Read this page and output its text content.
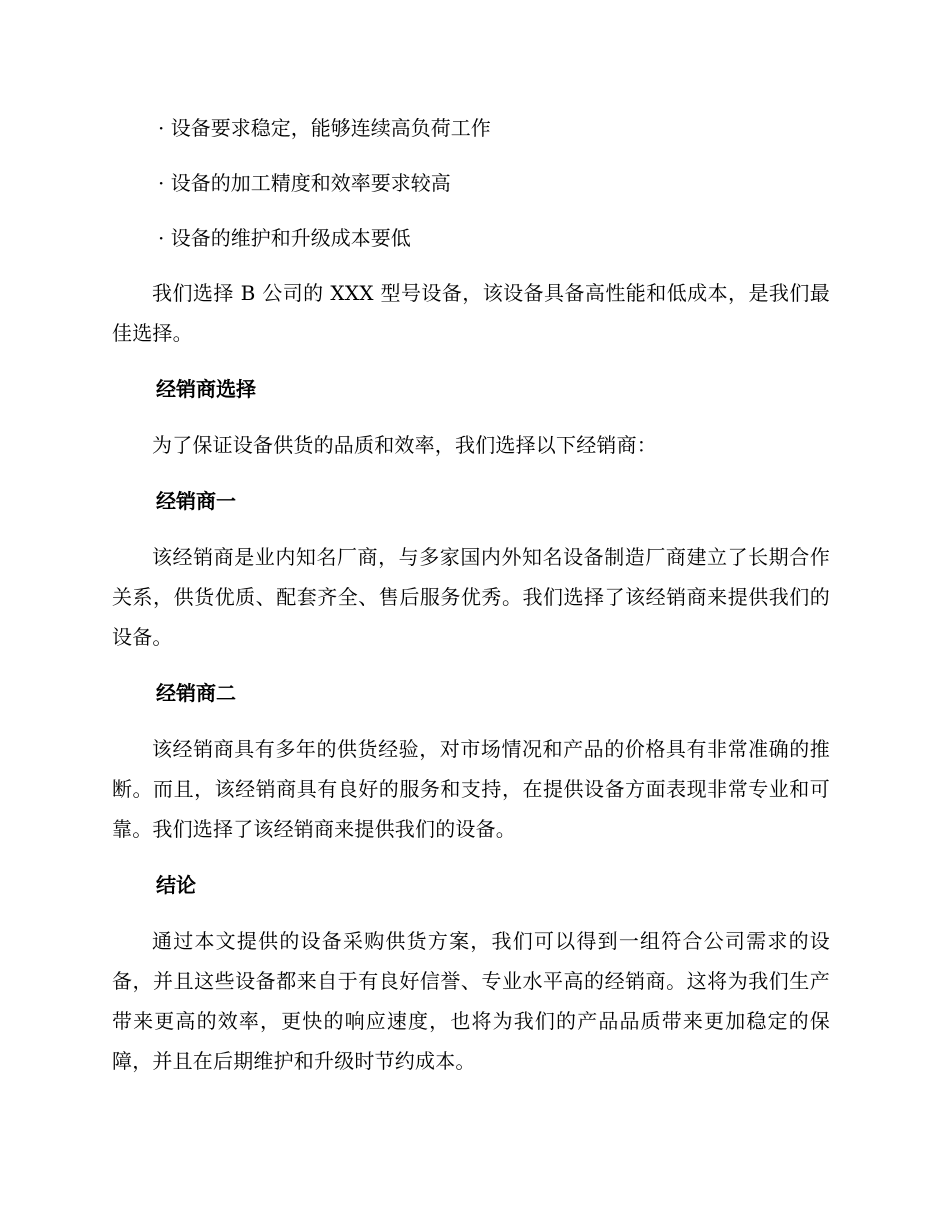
· 设备要求稳定，能够连续高负荷工作

· 设备的加工精度和效率要求较高

· 设备的维护和升级成本要低

我们选择 B 公司的 XXX 型号设备，该设备具备高性能和低成本，是我们最佳选择。

经销商选择

为了保证设备供货的品质和效率，我们选择以下经销商：

经销商一

该经销商是业内知名厂商，与多家国内外知名设备制造厂商建立了长期合作关系，供货优质、配套齐全、售后服务优秀。我们选择了该经销商来提供我们的设备。

经销商二

该经销商具有多年的供货经验，对市场情况和产品的价格具有非常准确的推断。而且，该经销商具有良好的服务和支持，在提供设备方面表现非常专业和可靠。我们选择了该经销商来提供我们的设备。

结论

通过本文提供的设备采购供货方案，我们可以得到一组符合公司需求的设备，并且这些设备都来自于有良好信誉、专业水平高的经销商。这将为我们生产带来更高的效率，更快的响应速度，也将为我们的产品品质带来更加稳定的保障，并且在后期维护和升级时节约成本。
